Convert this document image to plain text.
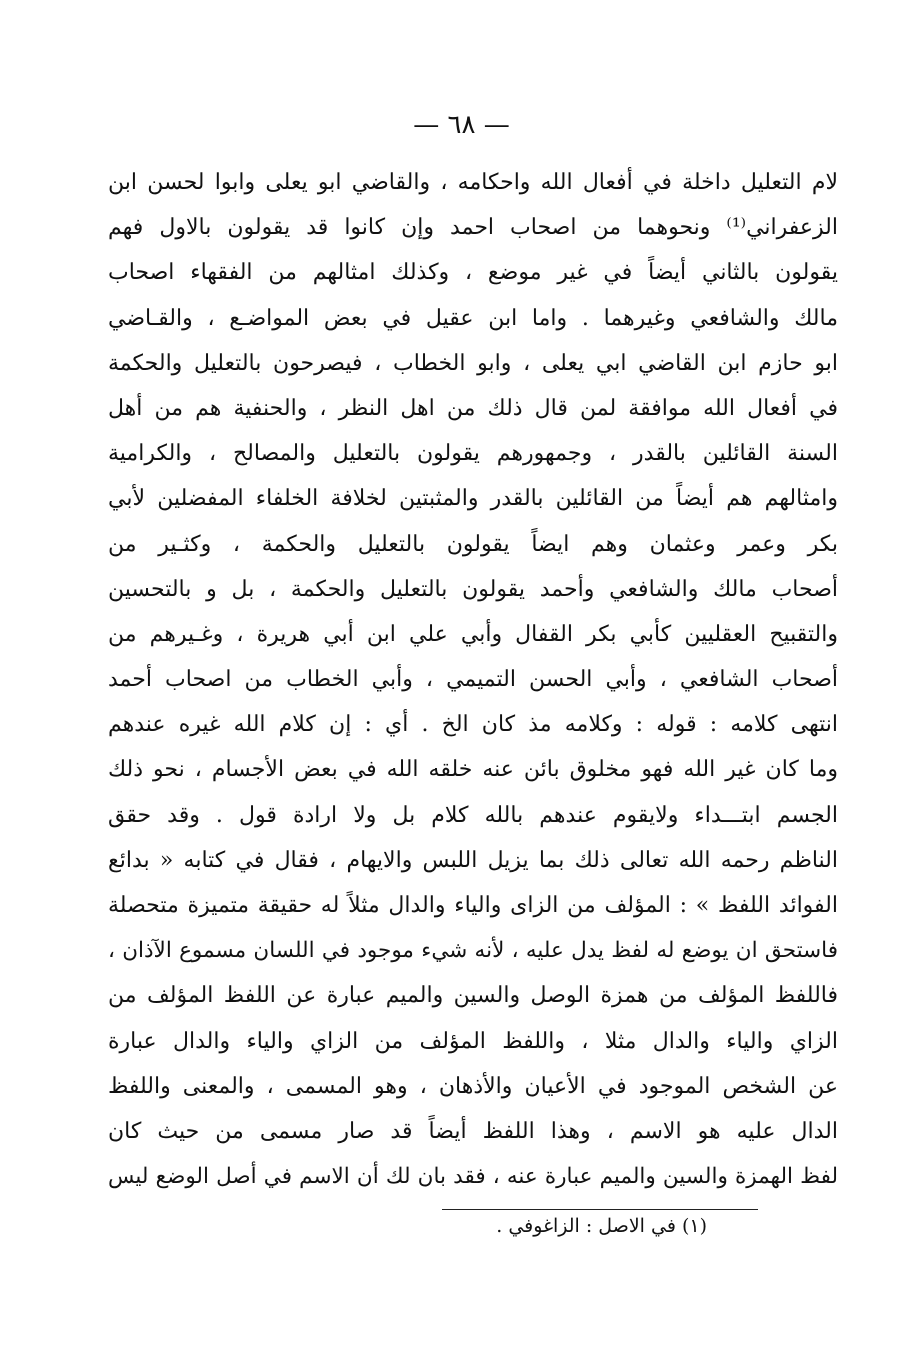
— ٦٨ —
لام التعليل داخلة في أفعال الله واحكامه ، والقاضي ابو يعلى وابوا لحسن ابن
الزعفراني⁽¹⁾ ونحوهما من اصحاب احمد وإن كانوا قد يقولون بالاول فهم
يقولون بالثاني أيضاً في غير موضع ، وكذلك امثالهم من الفقهاء اصحاب
مالك والشافعي وغيرهما . واما ابن عقيل في بعض المواضـع ، والقـاضي
ابو حازم ابن القاضي ابي يعلى ، وابو الخطاب ، فيصرحون بالتعليل والحكمة
في أفعال الله موافقة لمن قال ذلك من اهل النظر ، والحنفية هم من أهل
السنة القائلين بالقدر ، وجمهورهم يقولون بالتعليل والمصالح ، والكرامية
وامثالهم هم أيضاً من القائلين بالقدر والمثبتين لخلافة الخلفاء المفضلين لأبي
بكر وعمر وعثمان وهم ايضاً يقولون بالتعليل والحكمة ، وكثـير من
أصحاب مالك والشافعي وأحمد يقولون بالتعليل والحكمة ، بل و بالتحسين
والتقبيح العقليين كأبي بكر القفال وأبي علي ابن أبي هريرة ، وغـيرهم من
أصحاب الشافعي ، وأبي الحسن التميمي ، وأبي الخطاب من اصحاب أحمد
انتهى كلامه : قوله : وكلامه مذ كان الخ . أي : إن كلام الله غيره عندهم
وما كان غير الله فهو مخلوق بائن عنه خلقه الله في بعض الأجسام ، نحو ذلك
الجسم ابتـــداء ولايقوم عندهم بالله كلام بل ولا ارادة قول . وقد حقق
الناظم رحمه الله تعالى ذلك بما يزيل اللبس والايهام ، فقال في كتابه « بدائع
الفوائد اللفظ » : المؤلف من الزاى والياء والدال مثلاً له حقيقة متميزة متحصلة
فاستحق ان يوضع له لفظ يدل عليه ، لأنه شيء موجود في اللسان مسموع الآذان ،
فاللفظ المؤلف من همزة الوصل والسين والميم عبارة عن اللفظ المؤلف من
الزاي والياء والدال مثلا ، واللفظ المؤلف من الزاي والياء والدال عبارة
عن الشخص الموجود في الأعيان والأذهان ، وهو المسمى ، والمعنى واللفظ
الدال عليه هو الاسم ، وهذا اللفظ أيضاً قد صار مسمى من حيث كان
لفظ الهمزة والسين والميم عبارة عنه ، فقد بان لك أن الاسم في أصل الوضع ليس
(١) في الاصل : الزاغوفي .
